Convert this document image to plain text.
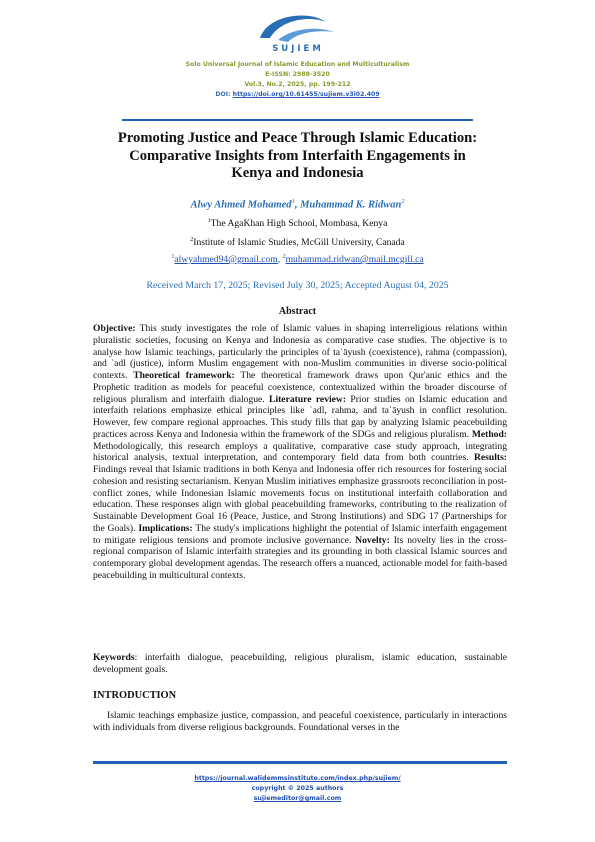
SUJIEM
Solo Universal Journal of Islamic Education and Multiculturalism
E-ISSN: 2988-3520
Vol.3, No.2, 2025, pp. 199-212
DOI: https://doi.org/10.61455/sujiem.v3i02.409
Promoting Justice and Peace Through Islamic Education:
Comparative Insights from Interfaith Engagements in
Kenya and Indonesia
Alwy Ahmed Mohamed$^1$, Muhammad K. Ridwan$^2$
$^1$The AgaKhan High School, Mombasa, Kenya
$^2$Institute of Islamic Studies, McGill University, Canada
$^1$alwyahmed94@gmail.com, $^2$muhammad.ridwan@mail.mcgill.ca
Received March 17, 2025; Revised July 30, 2025; Accepted August 04, 2025
Abstract
Objective: This study investigates the role of Islamic values in shaping interreligious relations within pluralistic societies, focusing on Kenya and Indonesia as comparative case studies. The objective is to analyse how Islamic teachings, particularly the principles of taʿāyush (coexistence), rahma (compassion), and ʿadl (justice), inform Muslim engagement with non-Muslim communities in diverse socio-political contexts. Theoretical framework: The theoretical framework draws upon Qur'anic ethics and the Prophetic tradition as models for peaceful coexistence, contextualized within the broader discourse of religious pluralism and interfaith dialogue. Literature review: Prior studies on Islamic education and interfaith relations emphasize ethical principles like ʿadl, rahma, and taʿāyush in conflict resolution. However, few compare regional approaches. This study fills that gap by analyzing Islamic peacebuilding practices across Kenya and Indonesia within the framework of the SDGs and religious pluralism. Method: Methodologically, this research employs a qualitative, comparative case study approach, integrating historical analysis, textual interpretation, and contemporary field data from both countries. Results: Findings reveal that Islamic traditions in both Kenya and Indonesia offer rich resources for fostering social cohesion and resisting sectarianism. Kenyan Muslim initiatives emphasize grassroots reconciliation in post-conflict zones, while Indonesian Islamic movements focus on institutional interfaith collaboration and education. These responses align with global peacebuilding frameworks, contributing to the realization of Sustainable Development Goal 16 (Peace, Justice, and Strong Institutions) and SDG 17 (Partnerships for the Goals). Implications: The study's implications highlight the potential of Islamic interfaith engagement to mitigate religious tensions and promote inclusive governance. Novelty: Its novelty lies in the cross-regional comparison of Islamic interfaith strategies and its grounding in both classical Islamic sources and contemporary global development agendas. The research offers a nuanced, actionable model for faith-based peacebuilding in multicultural contexts.
Keywords: interfaith dialogue, peacebuilding, religious pluralism, islamic education, sustainable development goals.
INTRODUCTION
Islamic teachings emphasize justice, compassion, and peaceful coexistence, particularly in interactions with individuals from diverse religious backgrounds. Foundational verses in the
https://journal.walidemmsinstitute.com/index.php/sujiem/
copyright © 2025 authors
sujiemeditor@gmail.com
